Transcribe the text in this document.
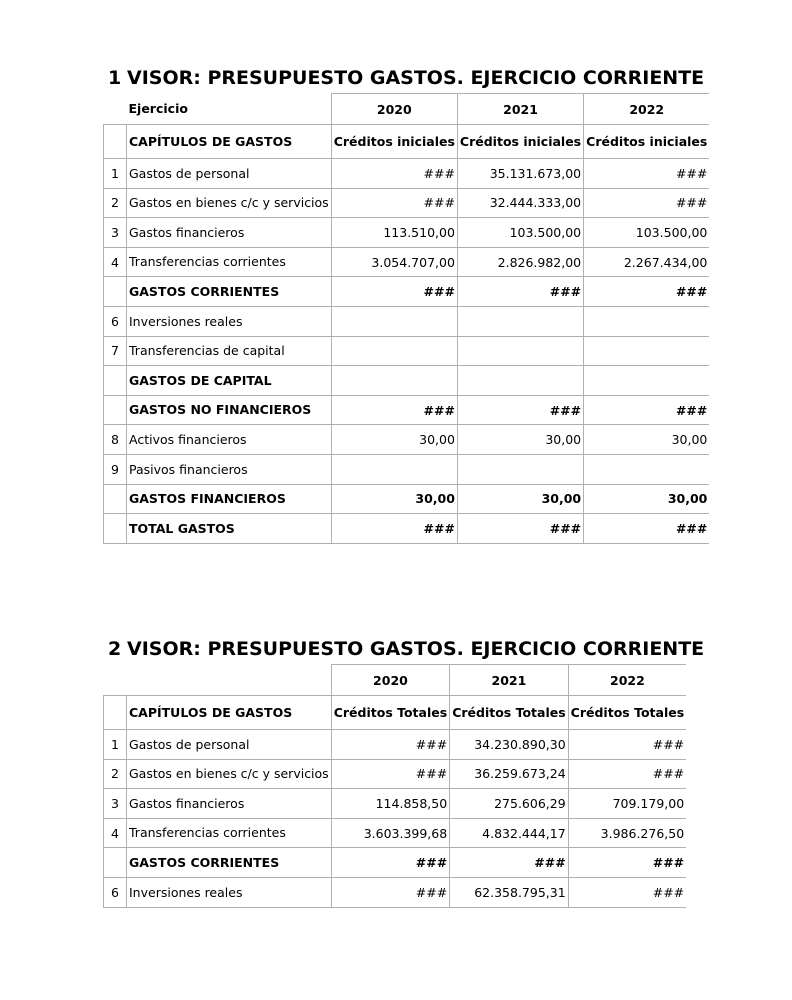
1 VISOR: PRESUPUESTO GASTOS. EJERCICIO CORRIENTE
	Ejercicio	2020	2021	2022
	CAPÍTULOS DE GASTOS	Créditos iniciales	Créditos iniciales	Créditos iniciales
1	Gastos de personal	###	35.131.673,00	###
2	Gastos en bienes c/c y servicios	###	32.444.333,00	###
3	Gastos financieros	113.510,00	103.500,00	103.500,00
4	Transferencias corrientes	3.054.707,00	2.826.982,00	2.267.434,00
	GASTOS CORRIENTES	###	###	###
6	Inversiones reales			
7	Transferencias de capital			
	GASTOS DE CAPITAL			
	GASTOS NO FINANCIEROS	###	###	###
8	Activos financieros	30,00	30,00	30,00
9	Pasivos financieros			
	GASTOS FINANCIEROS	30,00	30,00	30,00
	TOTAL GASTOS	###	###	###
2 VISOR: PRESUPUESTO GASTOS. EJERCICIO CORRIENTE
		2020	2021	2022
	CAPÍTULOS DE GASTOS	Créditos Totales	Créditos Totales	Créditos Totales
1	Gastos de personal	###	34.230.890,30	###
2	Gastos en bienes c/c y servicios	###	36.259.673,24	###
3	Gastos financieros	114.858,50	275.606,29	709.179,00
4	Transferencias corrientes	3.603.399,68	4.832.444,17	3.986.276,50
	GASTOS CORRIENTES	###	###	###
6	Inversiones reales	###	62.358.795,31	###
